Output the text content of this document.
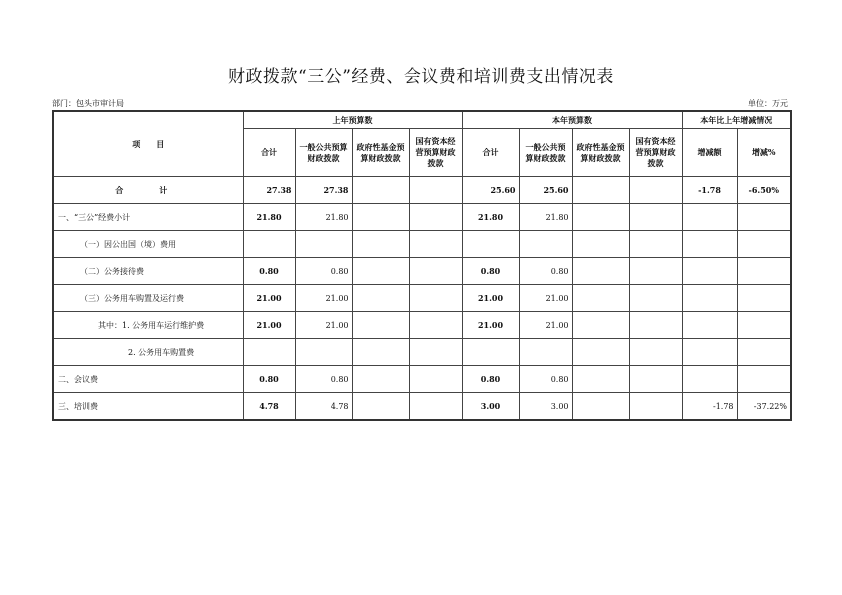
财政拨款“三公”经费、会议费和培训费支出情况表
部门：包头市审计局	单位：万元
项　　目	上年预算数				本年预算数				本年比上年增减情况	
	合计	一般公共预算财政拨款	政府性基金预算财政拨款	国有资本经营预算财政拨款	合计	一般公共预算财政拨款	政府性基金预算财政拨款	国有资本经营预算财政拨款	增减额	增减%
合　计	27.38	27.38			25.60	25.60			-1.78	-6.50%
一、“三公”经费小计	21.80	21.80			21.80	21.80				
（一）因公出国（境）费用										
（二）公务接待费	0.80	0.80			0.80	0.80				
（三）公务用车购置及运行费	21.00	21.00			21.00	21.00				
其中：1. 公务用车运行维护费	21.00	21.00			21.00	21.00				
2. 公务用车购置费										
二、会议费	0.80	0.80			0.80	0.80				
三、培训费	4.78	4.78			3.00	3.00			-1.78	-37.22%
